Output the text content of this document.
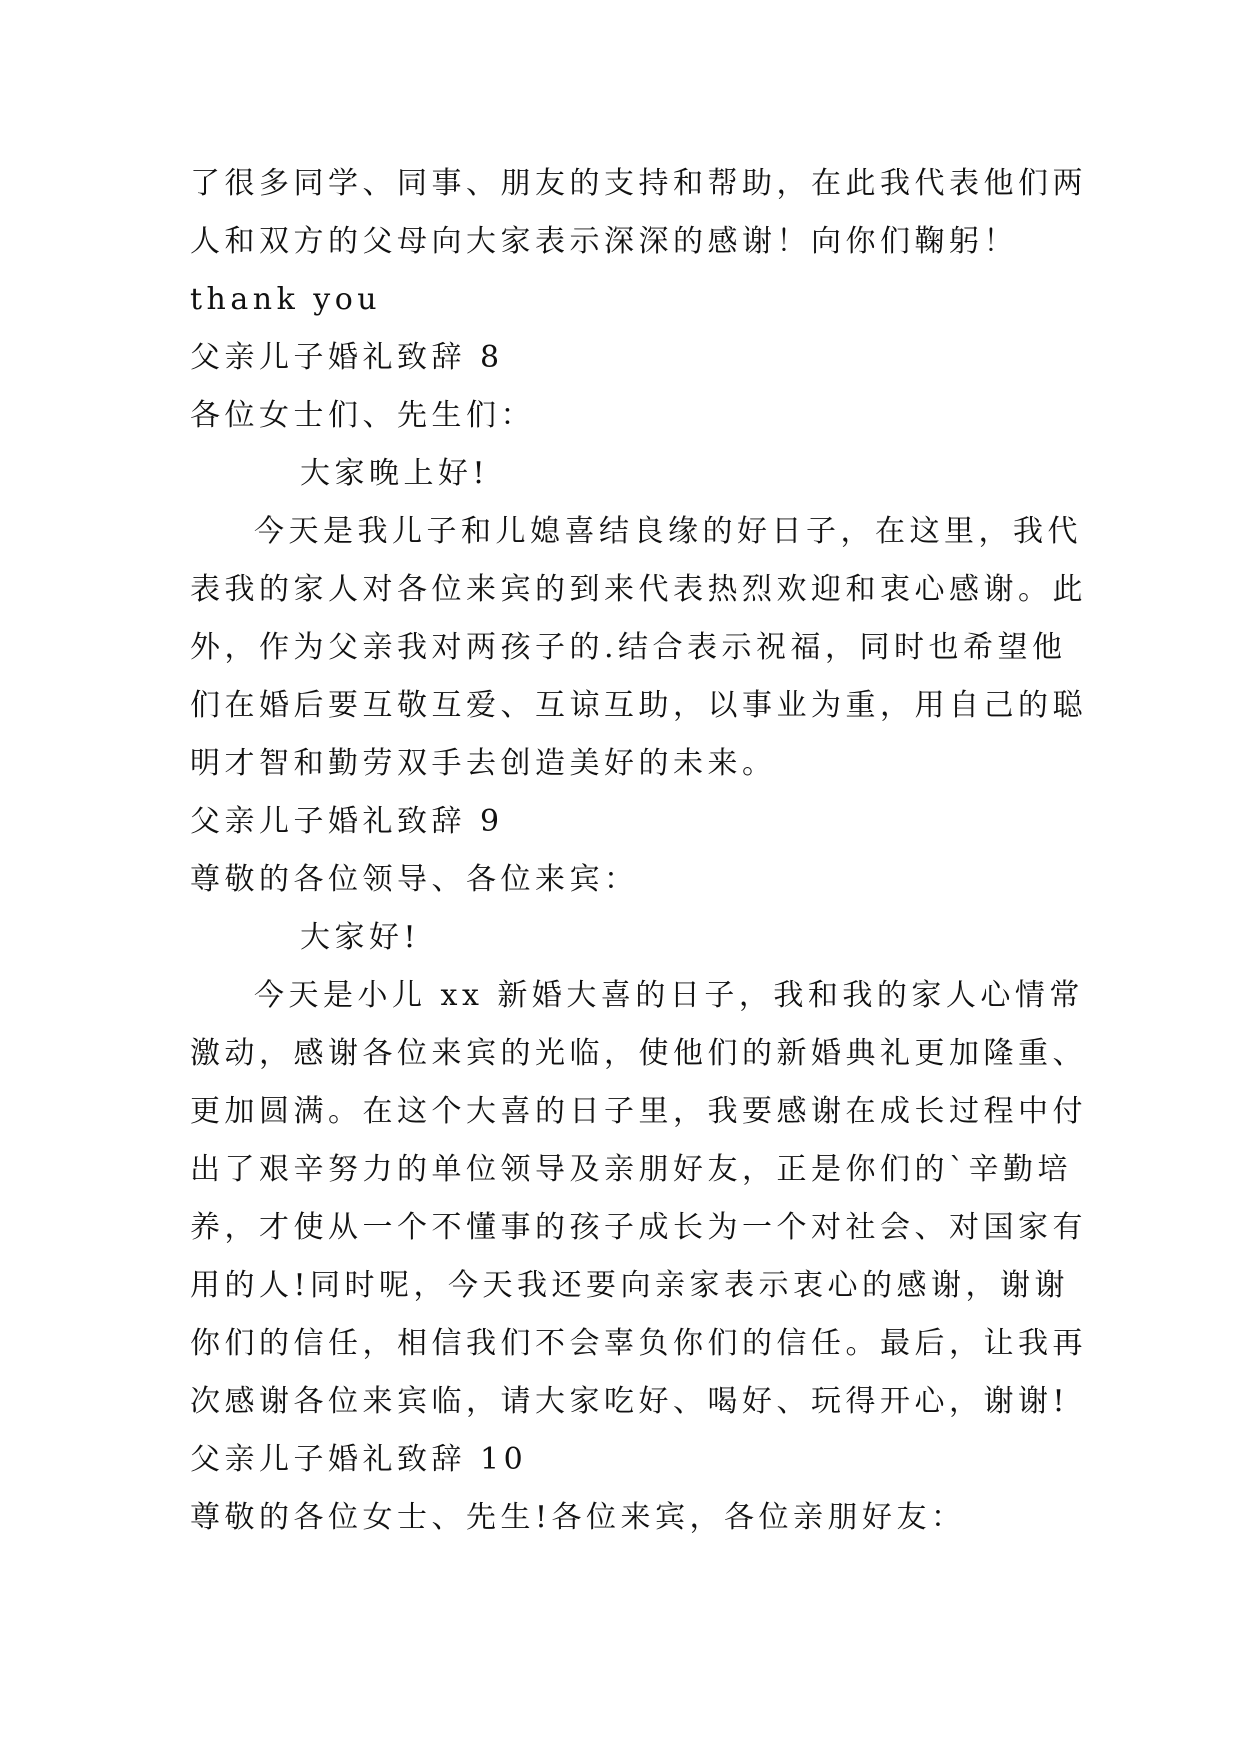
了很多同学、同事、朋友的支持和帮助，在此我代表他们两
人和双方的父母向大家表示深深的感谢！向你们鞠躬！
thank you
父亲儿子婚礼致辞 8
各位女士们、先生们：
大家晚上好!
今天是我儿子和儿媳喜结良缘的好日子，在这里，我代
表我的家人对各位来宾的到来代表热烈欢迎和衷心感谢。此
外，作为父亲我对两孩子的.结合表示祝福，同时也希望他
们在婚后要互敬互爱、互谅互助，以事业为重，用自己的聪
明才智和勤劳双手去创造美好的未来。
父亲儿子婚礼致辞 9
尊敬的各位领导、各位来宾：
大家好!
今天是小儿 xx 新婚大喜的日子，我和我的家人心情常
激动，感谢各位来宾的光临，使他们的新婚典礼更加隆重、
更加圆满。在这个大喜的日子里，我要感谢在成长过程中付
出了艰辛努力的单位领导及亲朋好友，正是你们的`辛勤培
养，才使从一个不懂事的孩子成长为一个对社会、对国家有
用的人!同时呢，今天我还要向亲家表示衷心的感谢，谢谢
你们的信任，相信我们不会辜负你们的信任。最后，让我再
次感谢各位来宾临，请大家吃好、喝好、玩得开心，谢谢!
父亲儿子婚礼致辞 10
尊敬的各位女士、先生!各位来宾，各位亲朋好友：
